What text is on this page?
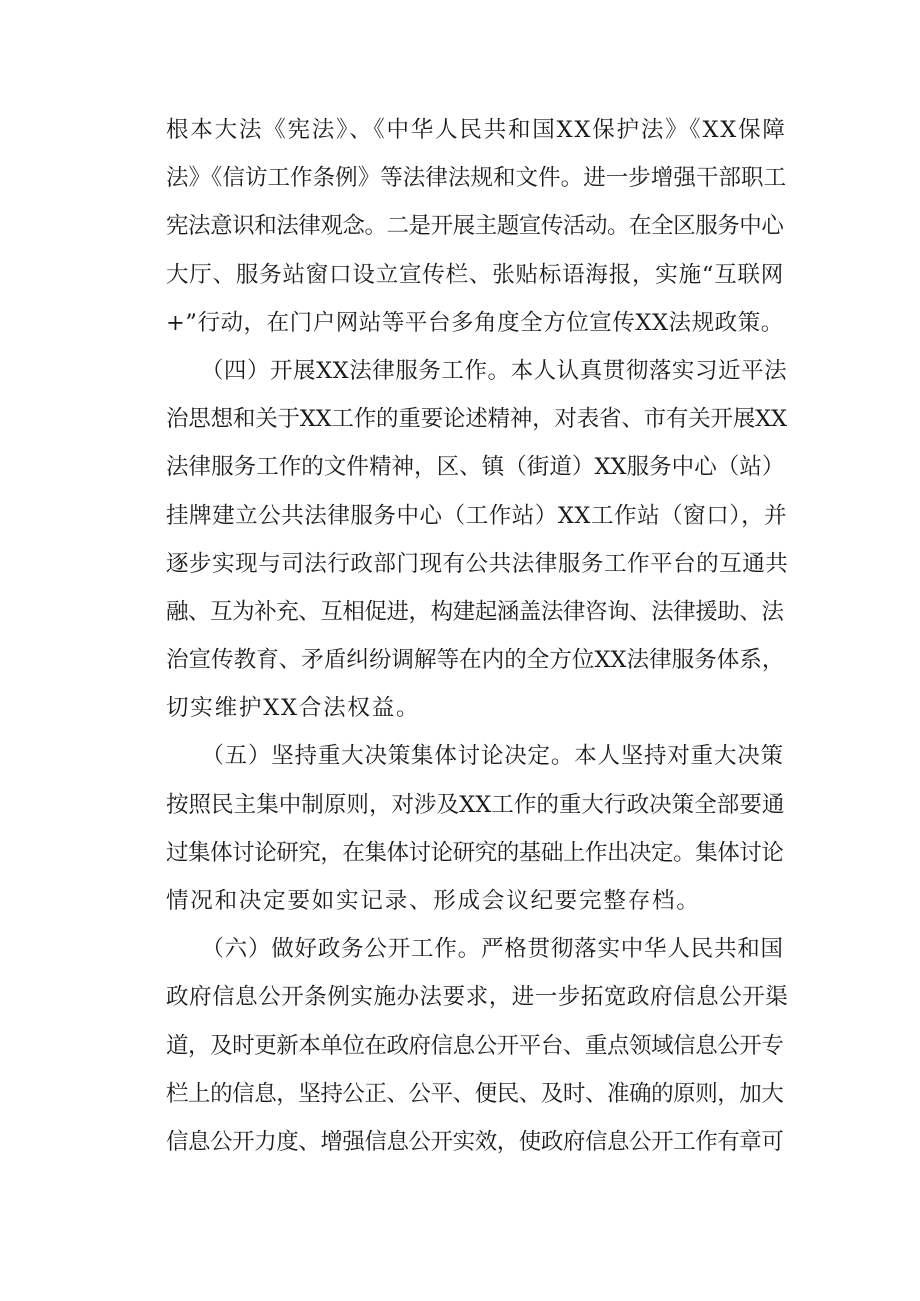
根本大法《宪法》、《中华人民共和国XX保护法》《XX保障
法》《信访工作条例》等法律法规和文件。进一步增强干部职工
宪法意识和法律观念。二是开展主题宣传活动。在全区服务中心
大厅、服务站窗口设立宣传栏、张贴标语海报，实施“互联网
+”行动，在门户网站等平台多角度全方位宣传XX法规政策。
　　（四）开展XX法律服务工作。本人认真贯彻落实习近平法
治思想和关于XX工作的重要论述精神，对表省、市有关开展XX
法律服务工作的文件精神，区、镇（街道）XX服务中心（站）
挂牌建立公共法律服务中心（工作站）XX工作站（窗口），并
逐步实现与司法行政部门现有公共法律服务工作平台的互通共
融、互为补充、互相促进，构建起涵盖法律咨询、法律援助、法
治宣传教育、矛盾纠纷调解等在内的全方位XX法律服务体系，
切实维护XX合法权益。
　　（五）坚持重大决策集体讨论决定。本人坚持对重大决策
按照民主集中制原则，对涉及XX工作的重大行政决策全部要通
过集体讨论研究，在集体讨论研究的基础上作出决定。集体讨论
情况和决定要如实记录、形成会议纪要完整存档。
　　（六）做好政务公开工作。严格贯彻落实中华人民共和国
政府信息公开条例实施办法要求，进一步拓宽政府信息公开渠
道，及时更新本单位在政府信息公开平台、重点领域信息公开专
栏上的信息，坚持公正、公平、便民、及时、准确的原则，加大
信息公开力度、增强信息公开实效，使政府信息公开工作有章可
